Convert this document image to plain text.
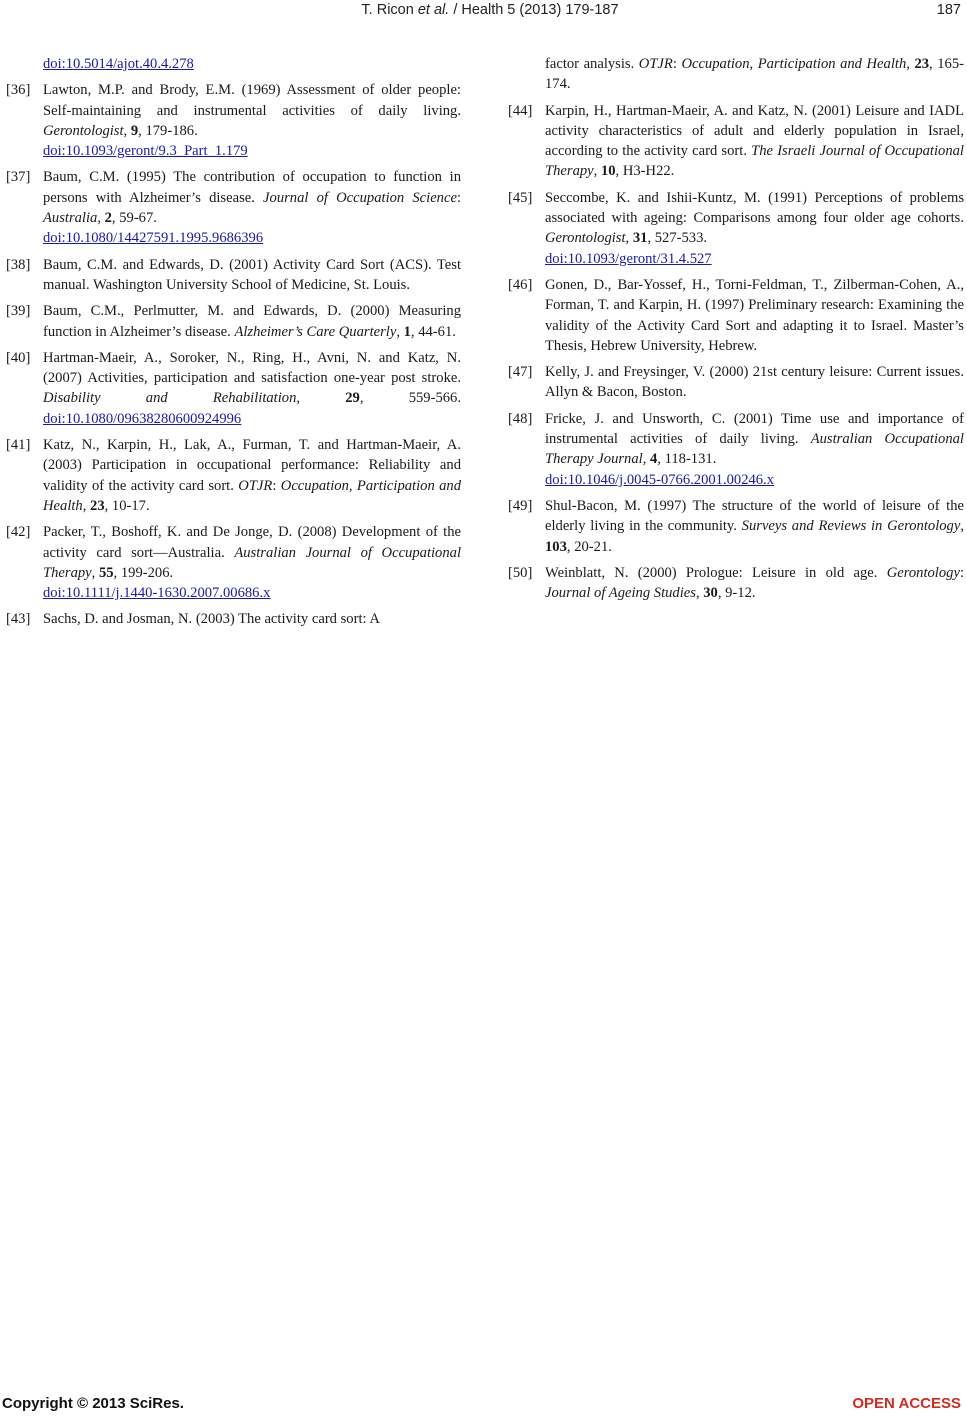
T. Ricon et al. / Health 5 (2013) 179-187	187
doi:10.5014/ajot.40.4.278
[36] Lawton, M.P. and Brody, E.M. (1969) Assessment of older people: Self-maintaining and instrumental activities of daily living. Gerontologist, 9, 179-186.
doi:10.1093/geront/9.3_Part_1.179
[37] Baum, C.M. (1995) The contribution of occupation to function in persons with Alzheimer’s disease. Journal of Occupation Science: Australia, 2, 59-67.
doi:10.1080/14427591.1995.9686396
[38] Baum, C.M. and Edwards, D. (2001) Activity Card Sort (ACS). Test manual. Washington University School of Medicine, St. Louis.
[39] Baum, C.M., Perlmutter, M. and Edwards, D. (2000) Measuring function in Alzheimer’s disease. Alzheimer’s Care Quarterly, 1, 44-61.
[40] Hartman-Maeir, A., Soroker, N., Ring, H., Avni, N. and Katz, N. (2007) Activities, participation and satisfaction one-year post stroke. Disability and Rehabilitation, 29, 559-566. doi:10.1080/09638280600924996
[41] Katz, N., Karpin, H., Lak, A., Furman, T. and Hartman-Maeir, A. (2003) Participation in occupational performance: Reliability and validity of the activity card sort. OTJR: Occupation, Participation and Health, 23, 10-17.
[42] Packer, T., Boshoff, K. and De Jonge, D. (2008) Development of the activity card sort—Australia. Australian Journal of Occupational Therapy, 55, 199-206.
doi:10.1111/j.1440-1630.2007.00686.x
[43] Sachs, D. and Josman, N. (2003) The activity card sort: A
factor analysis. OTJR: Occupation, Participation and Health, 23, 165-174.
[44] Karpin, H., Hartman-Maeir, A. and Katz, N. (2001) Leisure and IADL activity characteristics of adult and elderly population in Israel, according to the activity card sort. The Israeli Journal of Occupational Therapy, 10, H3-H22.
[45] Seccombe, K. and Ishii-Kuntz, M. (1991) Perceptions of problems associated with ageing: Comparisons among four older age cohorts. Gerontologist, 31, 527-533.
doi:10.1093/geront/31.4.527
[46] Gonen, D., Bar-Yossef, H., Torni-Feldman, T., Zilberman-Cohen, A., Forman, T. and Karpin, H. (1997) Preliminary research: Examining the validity of the Activity Card Sort and adapting it to Israel. Master’s Thesis, Hebrew University, Hebrew.
[47] Kelly, J. and Freysinger, V. (2000) 21st century leisure: Current issues. Allyn & Bacon, Boston.
[48] Fricke, J. and Unsworth, C. (2001) Time use and importance of instrumental activities of daily living. Australian Occupational Therapy Journal, 4, 118-131.
doi:10.1046/j.0045-0766.2001.00246.x
[49] Shul-Bacon, M. (1997) The structure of the world of leisure of the elderly living in the community. Surveys and Reviews in Gerontology, 103, 20-21.
[50] Weinblatt, N. (2000) Prologue: Leisure in old age. Gerontology: Journal of Ageing Studies, 30, 9-12.
Copyright © 2013 SciRes.	OPEN ACCESS
